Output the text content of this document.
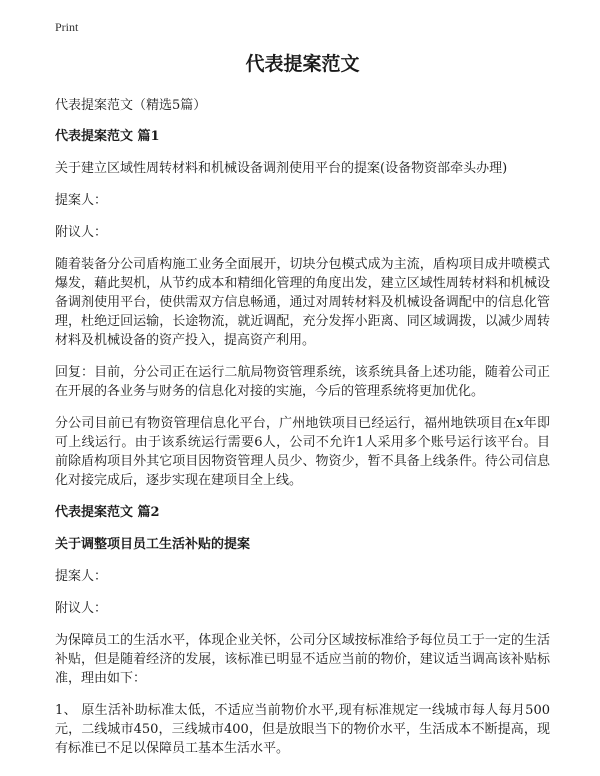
Print
代表提案范文

代表提案范文（精选5篇）

代表提案范文 篇1

关于建立区域性周转材料和机械设备调剂使用平台的提案(设备物资部牵头办理)

提案人：

附议人：

随着装备分公司盾构施工业务全面展开，切块分包模式成为主流，盾构项目成井喷模式爆发，藉此契机，从节约成本和精细化管理的角度出发，建立区域性周转材料和机械设备调剂使用平台，使供需双方信息畅通，通过对周转材料及机械设备调配中的信息化管理，杜绝迂回运输，长途物流，就近调配，充分发挥小距离、同区域调拨，以减少周转材料及机械设备的资产投入，提高资产利用。

回复：目前，分公司正在运行二航局物资管理系统，该系统具备上述功能，随着公司正在开展的各业务与财务的信息化对接的实施，今后的管理系统将更加优化。

分公司目前已有物资管理信息化平台，广州地铁项目已经运行，福州地铁项目在x年即可上线运行。由于该系统运行需要6人，公司不允许1人采用多个账号运行该平台。目前除盾构项目外其它项目因物资管理人员少、物资少，暂不具备上线条件。待公司信息化对接完成后，逐步实现在建项目全上线。

代表提案范文 篇2

关于调整项目员工生活补贴的提案

提案人：

附议人：

为保障员工的生活水平，体现企业关怀，公司分区域按标准给予每位员工于一定的生活补贴，但是随着经济的发展，该标准已明显不适应当前的物价，建议适当调高该补贴标准，理由如下：

1、 原生活补助标准太低，不适应当前物价水平,现有标准规定一线城市每人每月500元，二线城市450，三线城市400，但是放眼当下的物价水平，生活成本不断提高，现有标准已不足以保障员工基本生活水平。
